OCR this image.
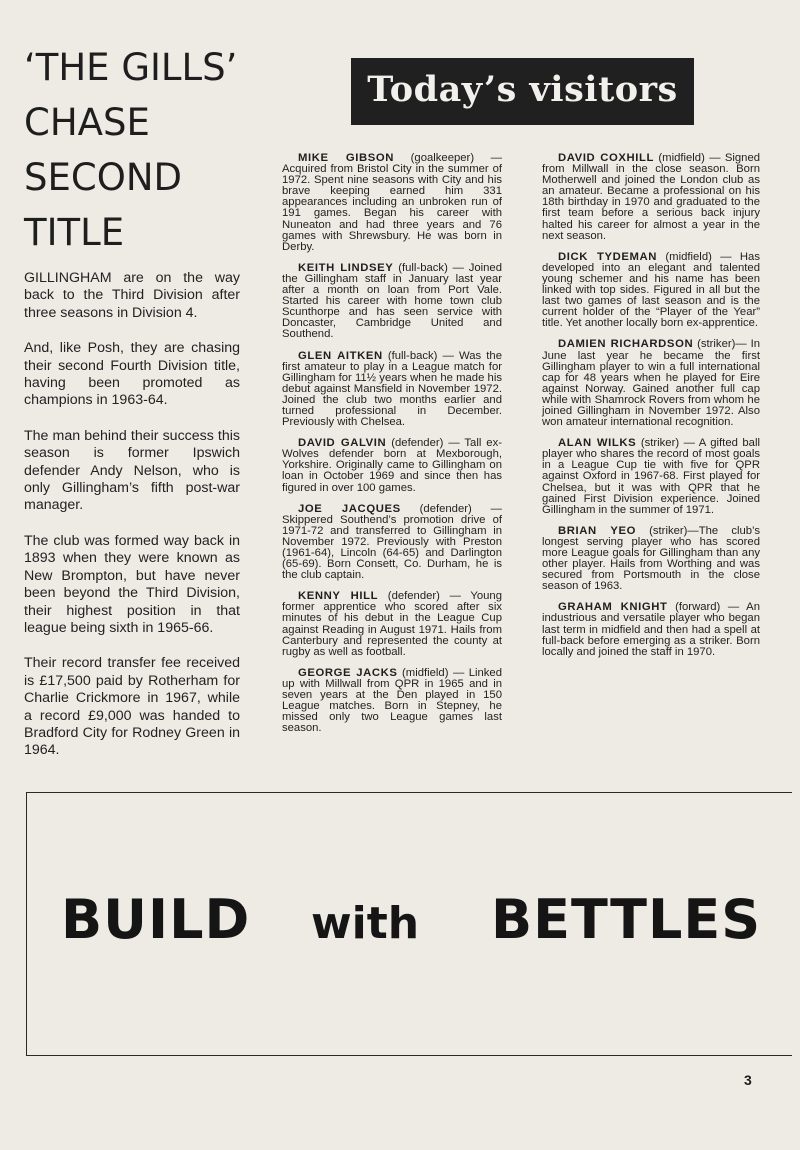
‘THE GILLS’
CHASE
SECOND
TITLE

GILLINGHAM are on the way back to the Third Division after three seasons in Division 4.

And, like Posh, they are chasing their second Fourth Division title, having been promoted as champions in 1963-64.

The man behind their success this season is former Ipswich defender Andy Nelson, who is only Gillingham’s fifth post-war manager.

The club was formed way back in 1893 when they were known as New Brompton, but have never been beyond the Third Division, their highest position in that league being sixth in 1965-66.

Their record transfer fee received is £17,500 paid by Rotherham for Charlie Crickmore in 1967, while a record £9,000 was handed to Bradford City for Rodney Green in 1964.

Today’s visitors

MIKE GIBSON (goalkeeper) — Acquired from Bristol City in the summer of 1972. Spent nine seasons with City and his brave keeping earned him 331 appearances including an unbroken run of 191 games. Began his career with Nuneaton and had three years and 76 games with Shrewsbury. He was born in Derby.

KEITH LINDSEY (full-back) — Joined the Gillingham staff in January last year after a month on loan from Port Vale. Started his career with home town club Scunthorpe and has seen service with Doncaster, Cambridge United and Southend.

GLEN AITKEN (full-back) — Was the first amateur to play in a League match for Gillingham for 11½ years when he made his debut against Mansfield in November 1972. Joined the club two months earlier and turned professional in December. Previously with Chelsea.

DAVID GALVIN (defender) — Tall ex-Wolves defender born at Mexborough, Yorkshire. Originally came to Gillingham on loan in October 1969 and since then has figured in over 100 games.

JOE JACQUES (defender) — Skippered Southend’s promotion drive of 1971-72 and transferred to Gillingham in November 1972. Previously with Preston (1961-64), Lincoln (64-65) and Darlington (65-69). Born Consett, Co. Durham, he is the club captain.

KENNY HILL (defender) — Young former apprentice who scored after six minutes of his debut in the League Cup against Reading in August 1971. Hails from Canterbury and represented the county at rugby as well as football.

GEORGE JACKS (midfield) — Linked up with Millwall from QPR in 1965 and in seven years at the Den played in 150 League matches. Born in Stepney, he missed only two League games last season.

DAVID COXHILL (midfield) — Signed from Millwall in the close season. Born Motherwell and joined the London club as an amateur. Became a professional on his 18th birthday in 1970 and graduated to the first team before a serious back injury halted his career for almost a year in the next season.

DICK TYDEMAN (midfield) — Has developed into an elegant and talented young schemer and his name has been linked with top sides. Figured in all but the last two games of last season and is the current holder of the “Player of the Year” title. Yet another locally born ex-apprentice.

DAMIEN RICHARDSON (striker)— In June last year he became the first Gillingham player to win a full international cap for 48 years when he played for Eire against Norway. Gained another full cap while with Shamrock Rovers from whom he joined Gillingham in November 1972. Also won amateur international recognition.

ALAN WILKS (striker) — A gifted ball player who shares the record of most goals in a League Cup tie with five for QPR against Oxford in 1967-68. First played for Chelsea, but it was with QPR that he gained First Division experience. Joined Gillingham in the summer of 1971.

BRIAN YEO (striker)—The club’s longest serving player who has scored more League goals for Gillingham than any other player. Hails from Worthing and was secured from Portsmouth in the close season of 1963.

GRAHAM KNIGHT (forward) — An industrious and versatile player who began last term in midfield and then had a spell at full-back before emerging as a striker. Born locally and joined the staff in 1970.

BUILD with BETTLES
3
